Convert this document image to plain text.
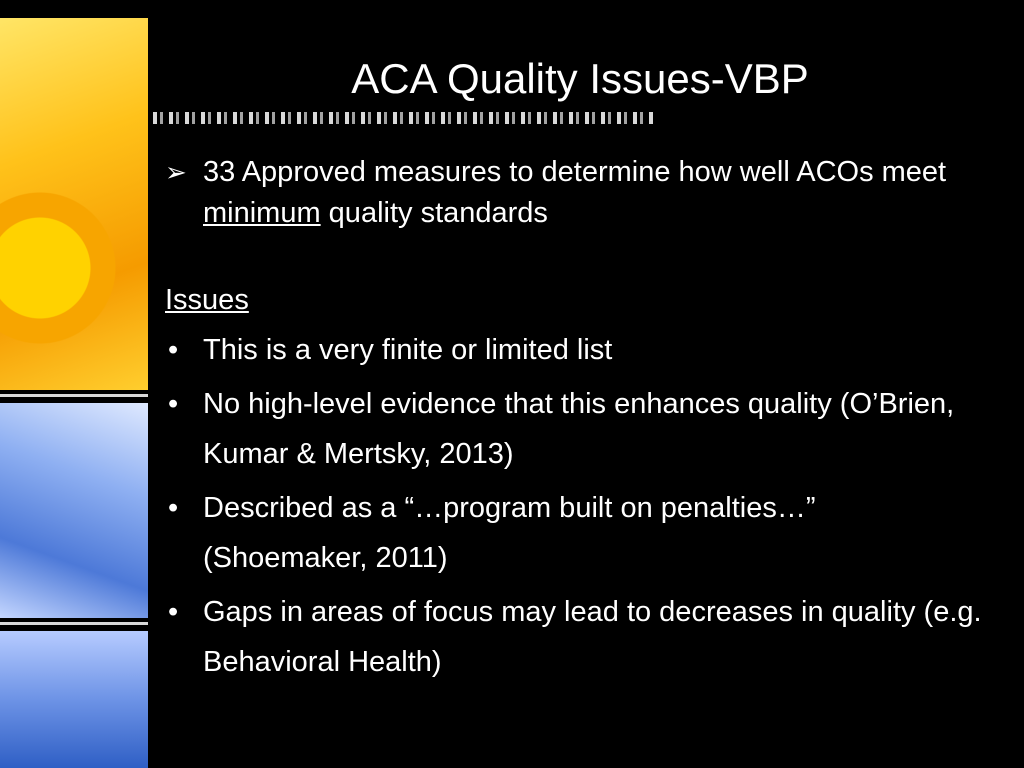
ACA Quality Issues-VBP
➢ 33 Approved measures to determine how well ACOs meet minimum quality standards
Issues
• This is a very finite or limited list
• No high-level evidence that this enhances quality (O’Brien, Kumar & Mertsky, 2013)
• Described as a “…program built on penalties…” (Shoemaker, 2011)
• Gaps in areas of focus may lead to decreases in quality (e.g. Behavioral Health)
